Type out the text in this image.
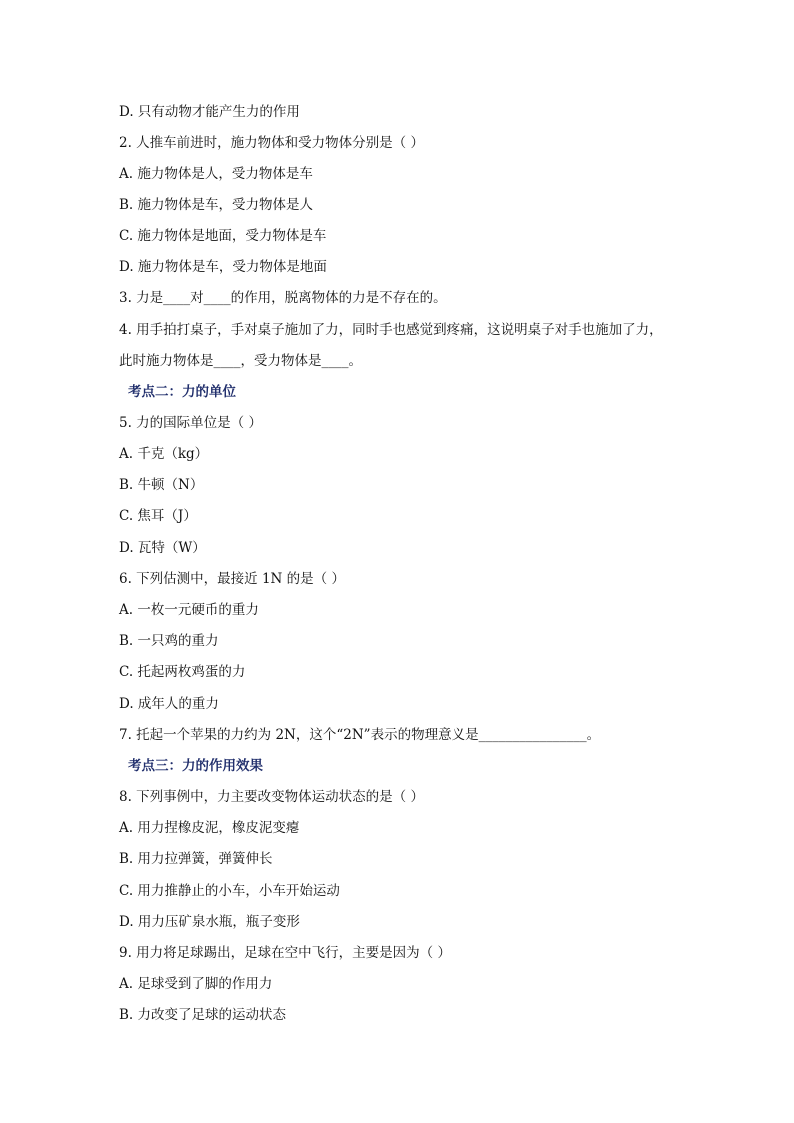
D. 只有动物才能产生力的作用
2. 人推车前进时，施力物体和受力物体分别是（ ）
A. 施力物体是人，受力物体是车
B. 施力物体是车，受力物体是人
C. 施力物体是地面，受力物体是车
D. 施力物体是车，受力物体是地面
3. 力是____对____的作用，脱离物体的力是不存在的。
4. 用手拍打桌子，手对桌子施加了力，同时手也感觉到疼痛，这说明桌子对手也施加了力，
此时施力物体是____，受力物体是____。
考点二：力的单位
5. 力的国际单位是（ ）
A. 千克（kg）
B. 牛顿（N）
C. 焦耳（J）
D. 瓦特（W）
6. 下列估测中，最接近 1N 的是（ ）
A. 一枚一元硬币的重力
B. 一只鸡的重力
C. 托起两枚鸡蛋的力
D. 成年人的重力
7. 托起一个苹果的力约为 2N，这个“2N”表示的物理意义是________________。
考点三：力的作用效果
8. 下列事例中，力主要改变物体运动状态的是（ ）
A. 用力捏橡皮泥，橡皮泥变瘪
B. 用力拉弹簧，弹簧伸长
C. 用力推静止的小车，小车开始运动
D. 用力压矿泉水瓶，瓶子变形
9. 用力将足球踢出，足球在空中飞行，主要是因为（ ）
A. 足球受到了脚的作用力
B. 力改变了足球的运动状态
